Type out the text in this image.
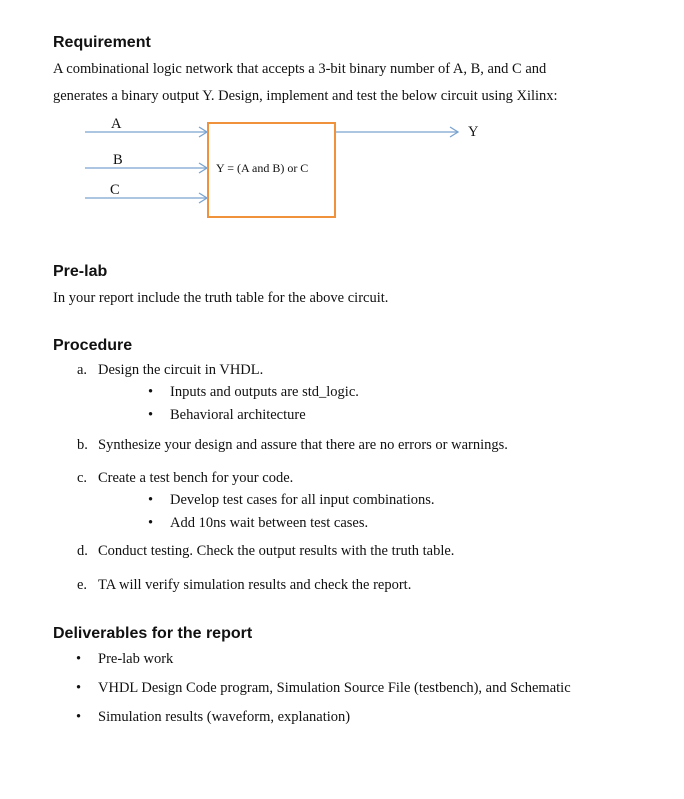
Requirement
A combinational logic network that accepts a 3-bit binary number of A, B, and C and
generates a binary output Y. Design, implement and test the below circuit using Xilinx:
A
B
C
Y
Y = (A and B) or C
Pre-lab
In your report include the truth table for the above circuit.
Procedure
a. Design the circuit in VHDL.
• Inputs and outputs are std_logic.
• Behavioral architecture
b. Synthesize your design and assure that there are no errors or warnings.
c. Create a test bench for your code.
• Develop test cases for all input combinations.
• Add 10ns wait between test cases.
d. Conduct testing. Check the output results with the truth table.
e. TA will verify simulation results and check the report.
Deliverables for the report
• Pre-lab work
• VHDL Design Code program, Simulation Source File (testbench), and Schematic
• Simulation results (waveform, explanation)
